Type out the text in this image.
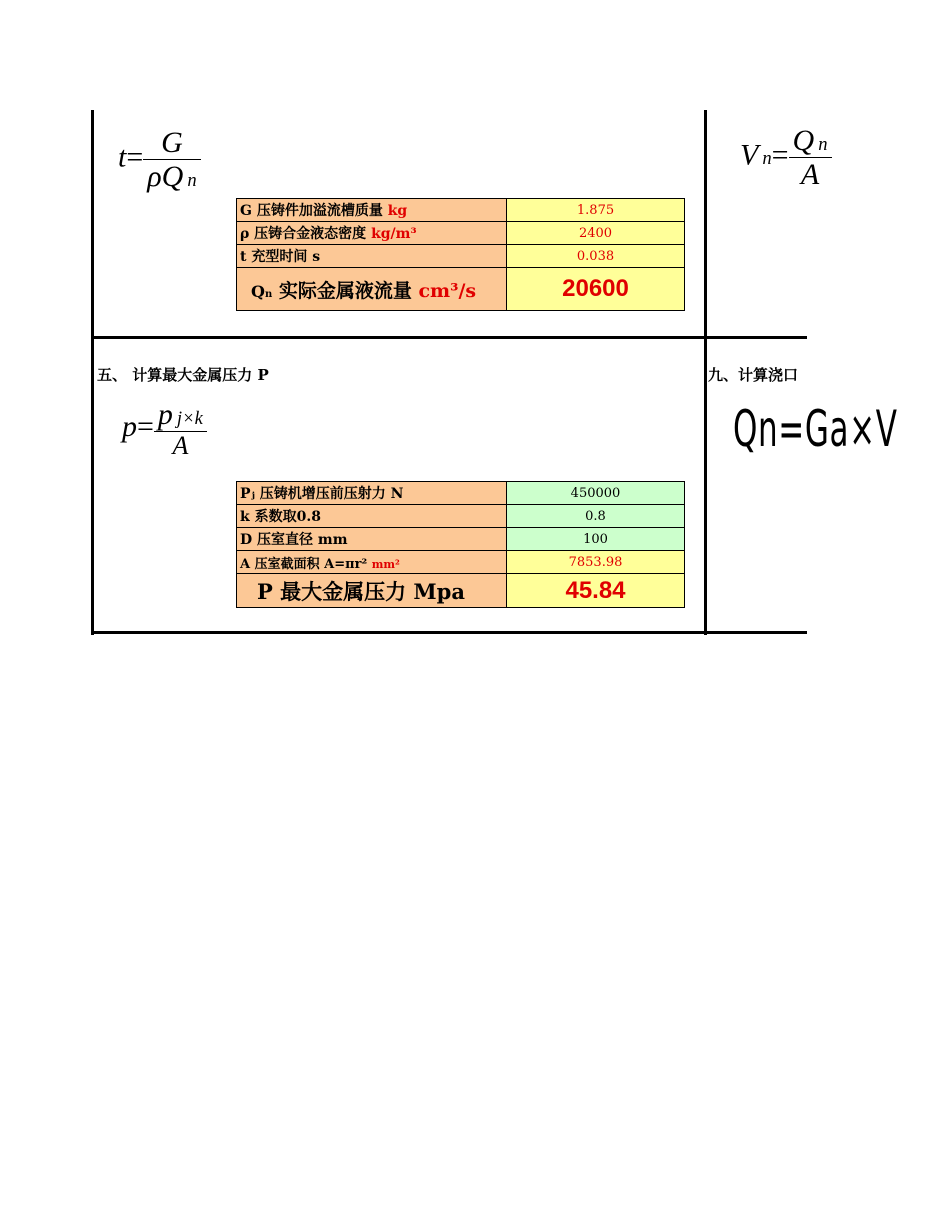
$t= \frac{G}{\text{ρQ n}}$	$Vn= \frac{\text{Q n}}{A}$
G 压铸件加溢流槽质量 kg	1.875
ρ 压铸合金液态密度 kg/m³	2400
t 充型时间 s	0.038
Qn 实际金属液流量 cm³/s	20600
五、 计算最大金属压力 P	九、计算浇口
$p= \frac{\text{p j×k}}{A}$	Qn=Ga×V
Pⱼ 压铸机增压前压射力 N	450000
k 系数取0.8	0.8
D 压室直径 mm	100
A 压室截面积 A=πr² mm²	7853.98
P 最大金属压力 Mpa	45.84
